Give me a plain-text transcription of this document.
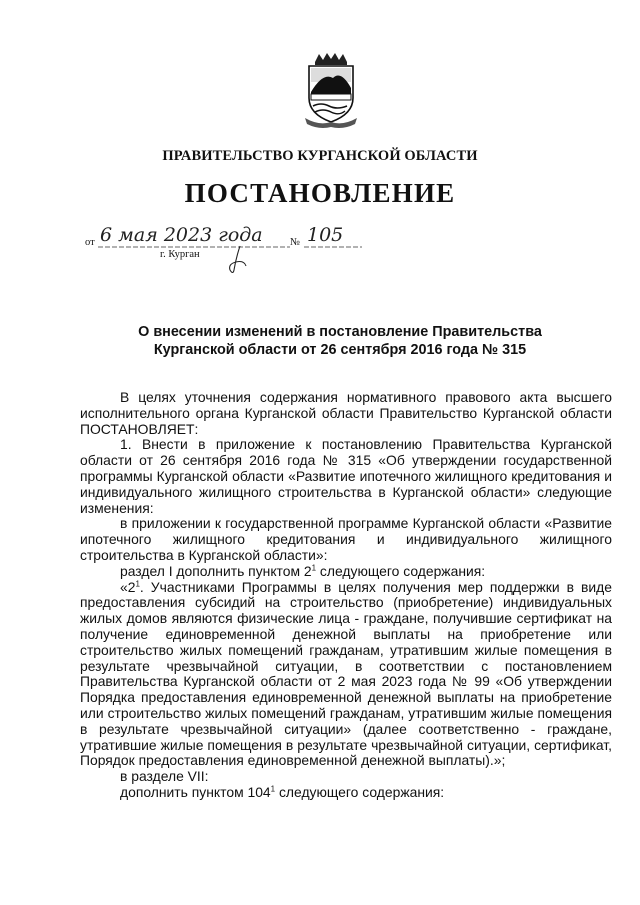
ПРАВИТЕЛЬСТВО КУРГАНСКОЙ ОБЛАСТИ
ПОСТАНОВЛЕНИЕ
от 6 мая 2023 года	№ 105
г. Курган
О внесении изменений в постановление Правительства
Курганской области от 26 сентября 2016 года № 315

В целях уточнения содержания нормативного правового акта высшего исполнительного органа Курганской области Правительство Курганской области ПОСТАНОВЛЯЕТ:

1. Внести в приложение к постановлению Правительства Курганской области от 26 сентября 2016 года № 315 «Об утверждении государственной программы Курганской области «Развитие ипотечного жилищного кредитования и индивидуального жилищного строительства в Курганской области» следующие изменения:

в приложении к государственной программе Курганской области «Развитие ипотечного жилищного кредитования и индивидуального жилищного строительства в Курганской области»:

раздел I дополнить пунктом $2^1$ следующего содержания:

«$2^1$. Участниками Программы в целях получения мер поддержки в виде предоставления субсидий на строительство (приобретение) индивидуальных жилых домов являются физические лица - граждане, получившие сертификат на получение единовременной денежной выплаты на приобретение или строительство жилых помещений гражданам, утратившим жилые помещения в результате чрезвычайной ситуации, в соответствии с постановлением Правительства Курганской области от 2 мая 2023 года № 99 «Об утверждении Порядка предоставления единовременной денежной выплаты на приобретение или строительство жилых помещений гражданам, утратившим жилые помещения в результате чрезвычайной ситуации» (далее соответственно - граждане, утратившие жилые помещения в результате чрезвычайной ситуации, сертификат, Порядок предоставления единовременной денежной выплаты).»;

в разделе VII:

дополнить пунктом $104^1$ следующего содержания:
